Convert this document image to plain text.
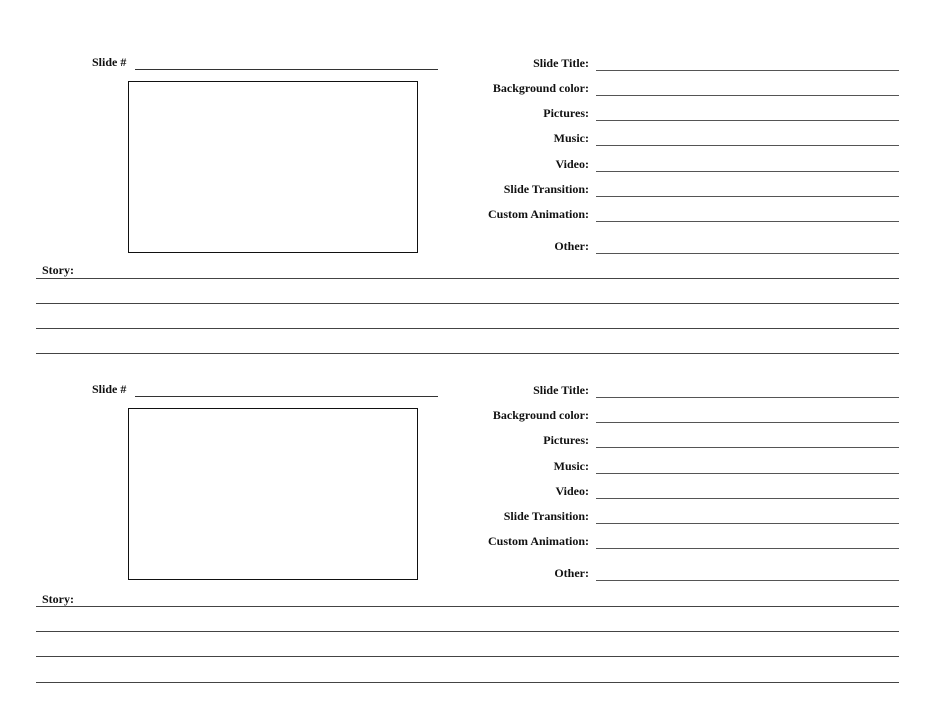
Slide #	Slide Title:
Background color:
Pictures:
Music:
Video:
Slide Transition:
Custom Animation:
Other:
Story:
Slide #	Slide Title:
Background color:
Pictures:
Music:
Video:
Slide Transition:
Custom Animation:
Other:
Story:
